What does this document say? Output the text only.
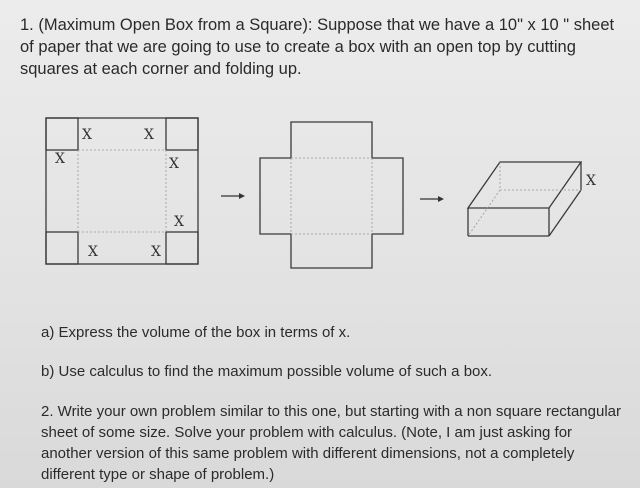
1. (Maximum Open Box from a Square): Suppose that we have a 10" x 10 " sheet of paper that we are going to use to create a box with an open top by cutting squares at each corner and folding up.
X	X
X	X
X
X	X
X
a) Express the volume of the box in terms of x.
b) Use calculus to find the maximum possible volume of such a box.
2. Write your own problem similar to this one, but starting with a non square rectangular sheet of some size. Solve your problem with calculus. (Note, I am just asking for another version of this same problem with different dimensions, not a completely different type or shape of problem.)
